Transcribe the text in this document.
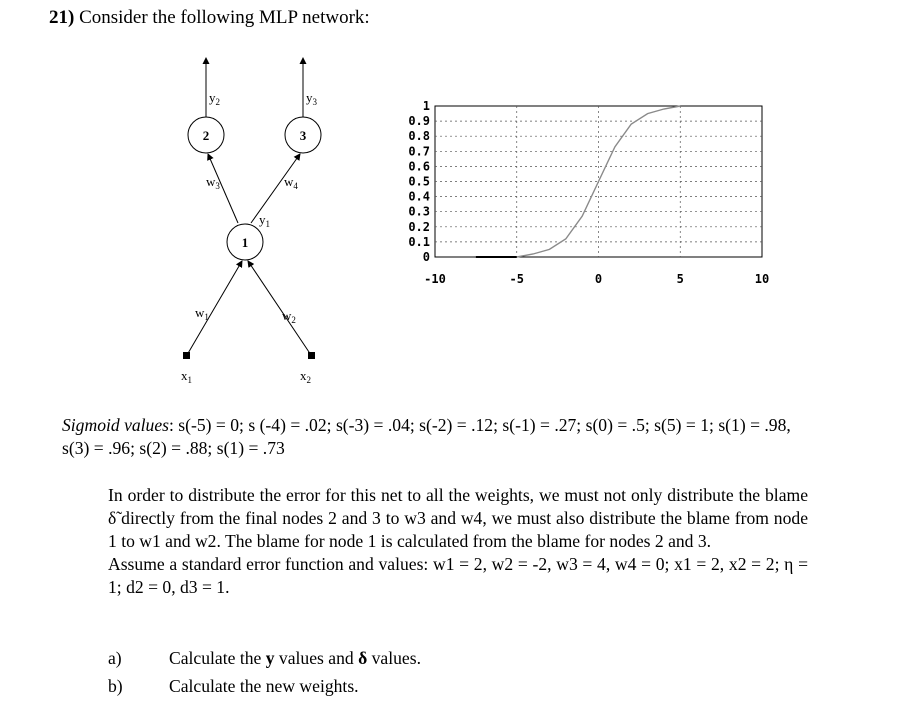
21) Consider the following MLP network:
2	3
1
$y_2$	$y_3$
$w_3$	$w_4$
$y_1$
$w_1$	$w_2$
$x_1$	$x_2$
1
0.9
0.8
0.7
0.6
0.5
0.4
0.3
0.2
0.1
0
-10	-5	0	5	10
Sigmoid values: s(-5) = 0; s (-4) = .02; s(-3) = .04; s(-2) = .12; s(-1) = .27; s(0) = .5; s(5) = 1; s(1) = .98, s(3) = .96; s(2) = .88; s(1) = .73

In order to distribute the error for this net to all the weights, we must not only distribute the blame δ̃ directly from the final nodes 2 and 3 to w3 and w4, we must also distribute the blame from node 1 to w1 and w2. The blame for node 1 is calculated from the blame for nodes 2 and 3.

Assume a standard error function and values: w1 = 2, w2 = -2, w3 = 4, w4 = 0; x1 = 2, x2 = 2; η = 1; d2 = 0, d3 = 1.

a)	Calculate the y values and δ values.
b)	Calculate the new weights.
